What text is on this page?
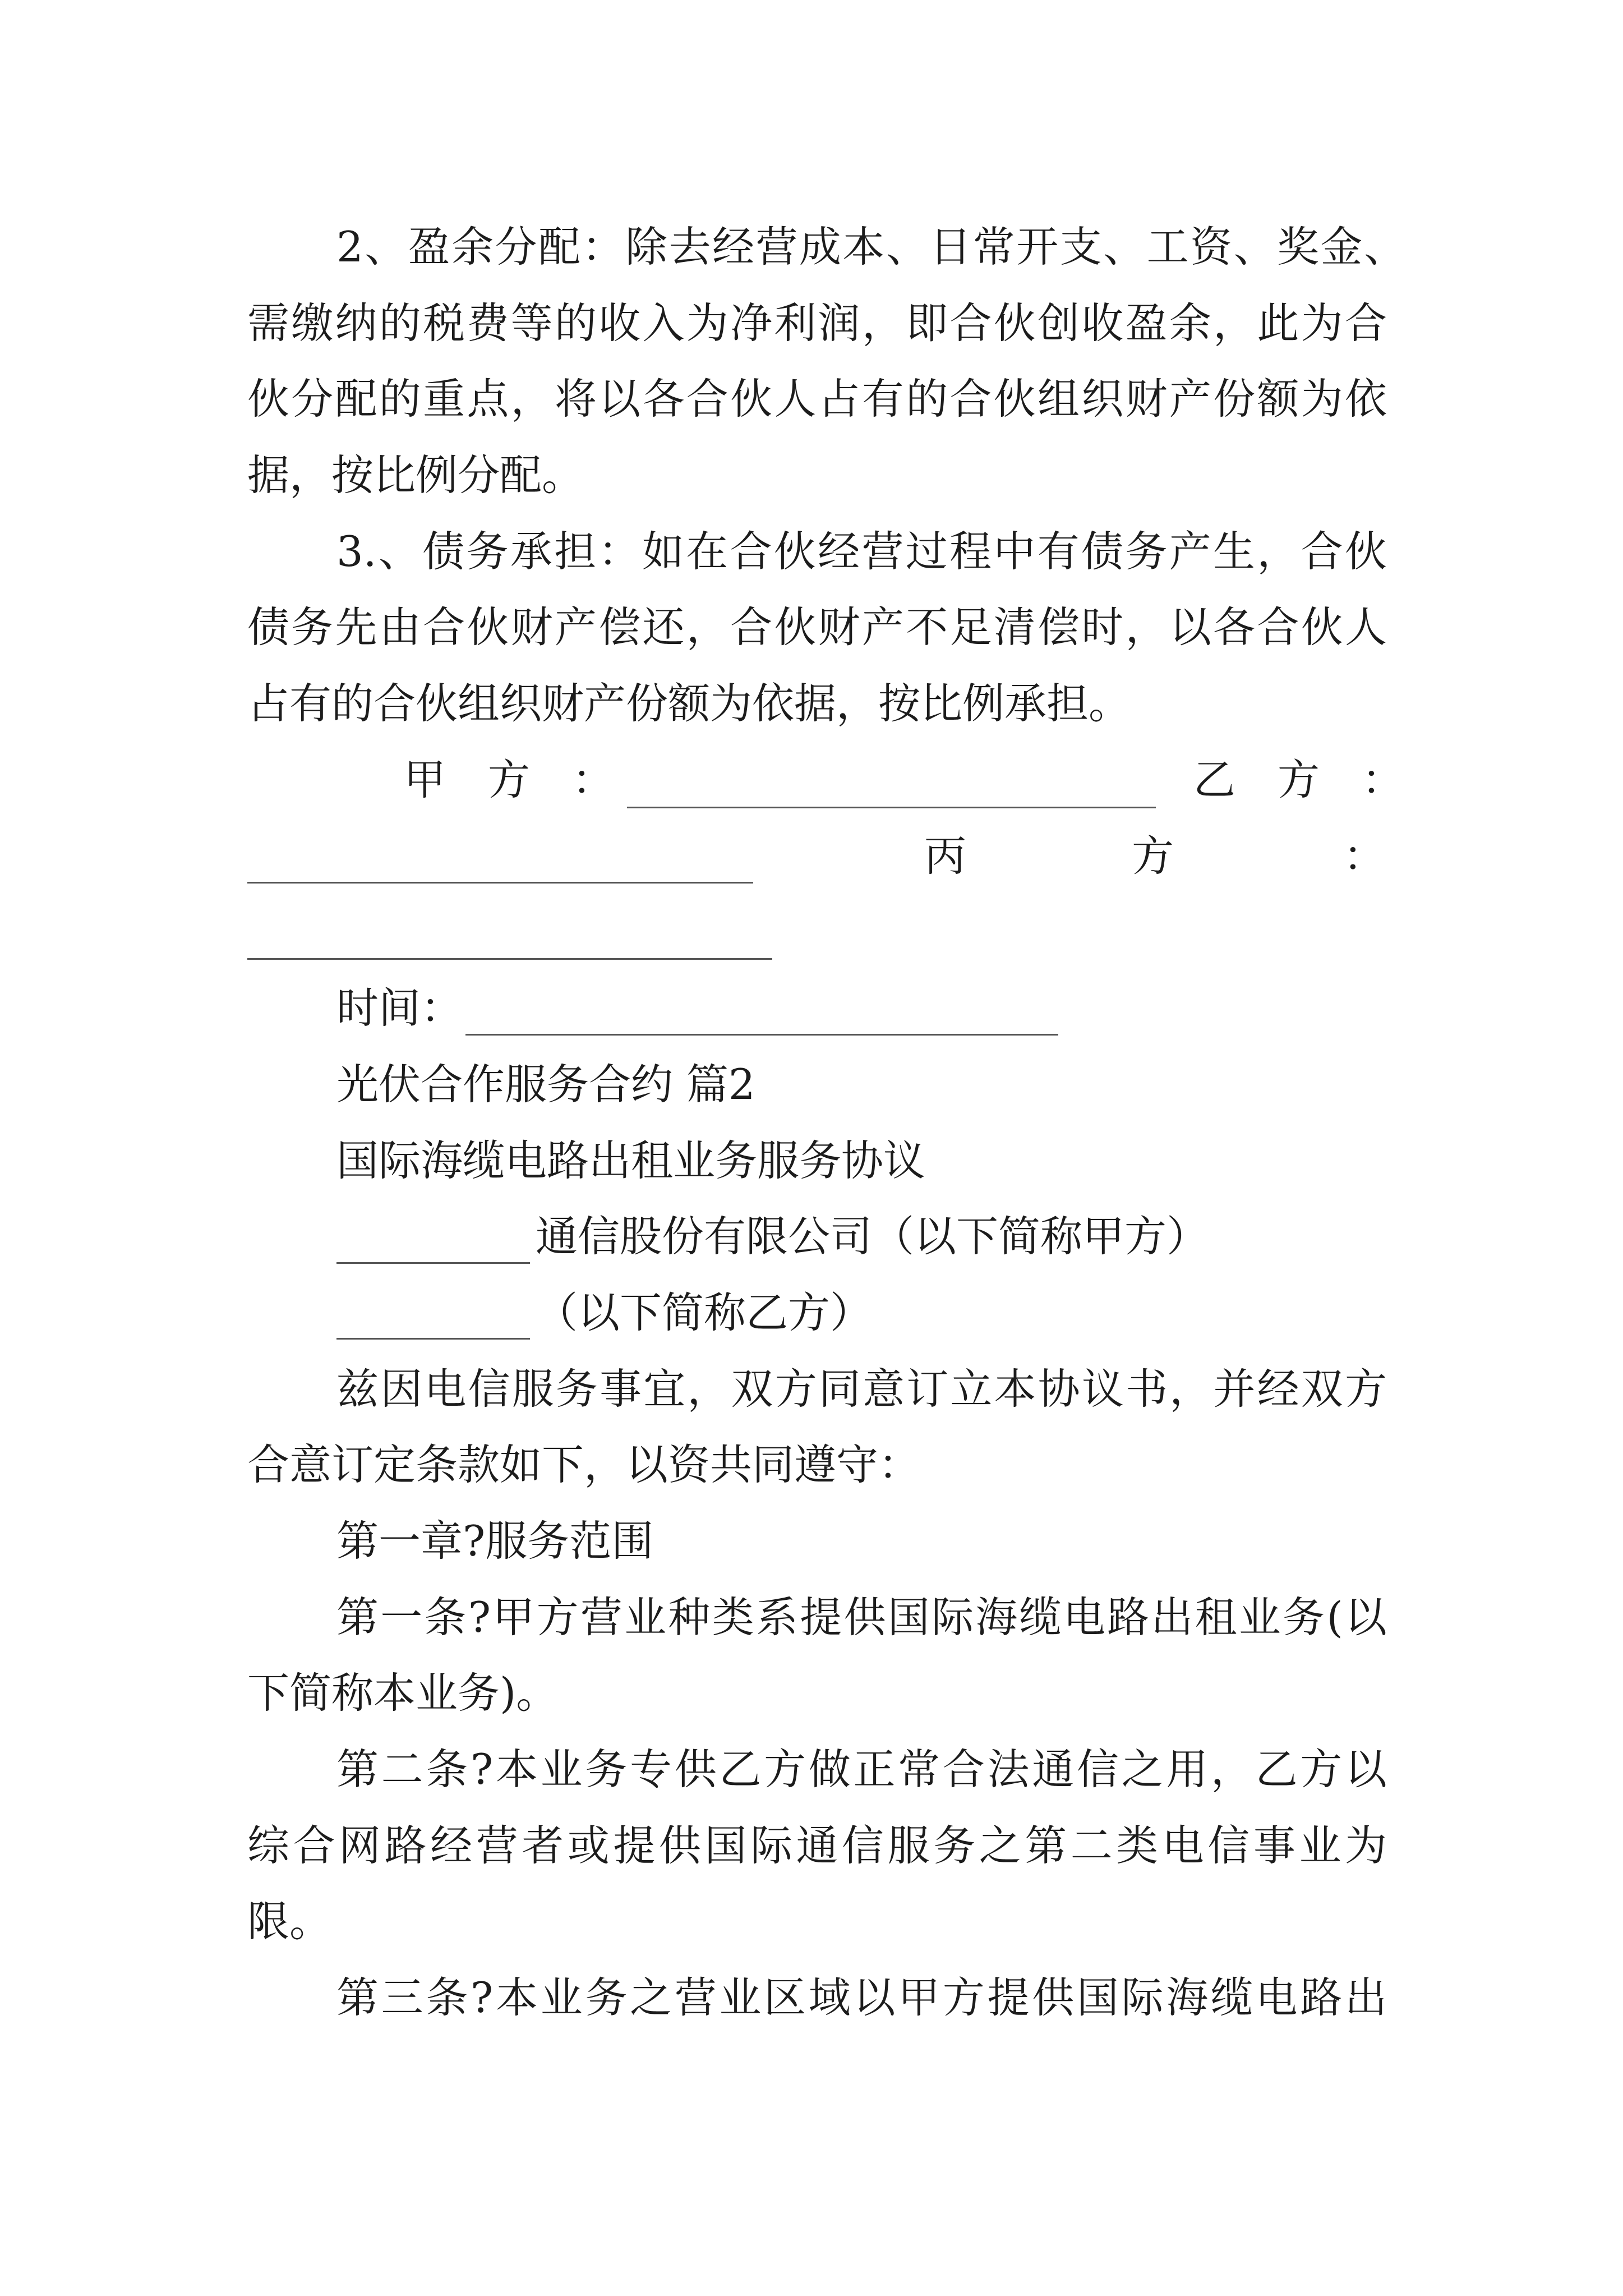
2、盈余分配：除去经营成本、日常开支、工资、奖金、

需缴纳的税费等的收入为净利润，即合伙创收盈余，此为合

伙分配的重点，将以各合伙人占有的合伙组织财产份额为依

据，按比例分配。

3.、债务承担：如在合伙经营过程中有债务产生，合伙

债务先由合伙财产偿还，合伙财产不足清偿时，以各合伙人

占有的合伙组织财产份额为依据，按比例承担。

甲　方　：	乙　方　：
丙	方	：
时间：

光伏合作服务合约 篇2

国际海缆电路出租业务服务协议

通信股份有限公司（以下简称甲方）

（以下简称乙方）

兹因电信服务事宜，双方同意订立本协议书，并经双方

合意订定条款如下，以资共同遵守：

第一章?服务范围

第一条?甲方营业种类系提供国际海缆电路出租业务(以

下简称本业务)。

第二条?本业务专供乙方做正常合法通信之用，乙方以

综合网路经营者或提供国际通信服务之第二类电信事业为

限。

第三条?本业务之营业区域以甲方提供国际海缆电路出
